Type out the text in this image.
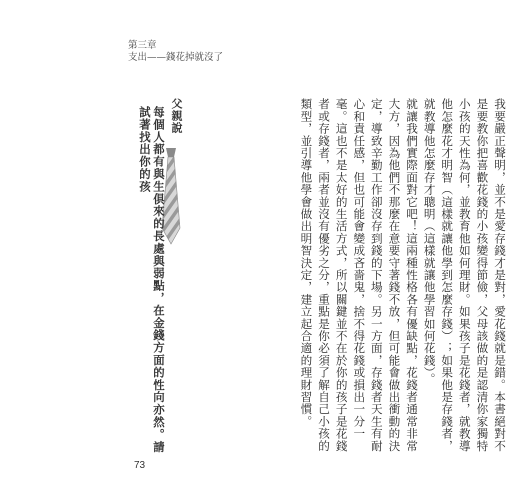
第三章
支出——錢花掉就沒了

我要嚴正聲明，並不是愛存錢才是對，愛花錢就是錯。本書絕對不是要教你把喜歡花錢的小孩變得節儉，父母該做的是認清你家獨特小孩的天性為何，並教育他如何理財。如果孩子是花錢者，就教導他怎麼花才明智（這樣就讓他學到怎麼存錢）；如果他是存錢者，就教導他怎麼存才聰明（這樣就讓他學習如何花錢）。

就讓我們實際面對它吧！這兩種性格各有優缺點，花錢者通常非常大方，因為他們不那麼在意要守著錢不放，但可能會做出衝動的決定，導致辛勤工作卻沒存到錢的下場。另一方面，存錢者天生有耐心和責任感，但也可能會變成吝嗇鬼，捨不得花錢或損出一分一毫。這也不是太好的生活方式，所以關鍵並不在於你的孩子是花錢者或存錢者，兩者並沒有優劣之分，重點是你必須了解自己小孩的類型，並引導他學會做出明智決定，建立起合適的理財習慣。

父親說
每個人都有與生俱來的長處與弱點，在金錢方面的性向亦然。請試著找出你的孩
73
